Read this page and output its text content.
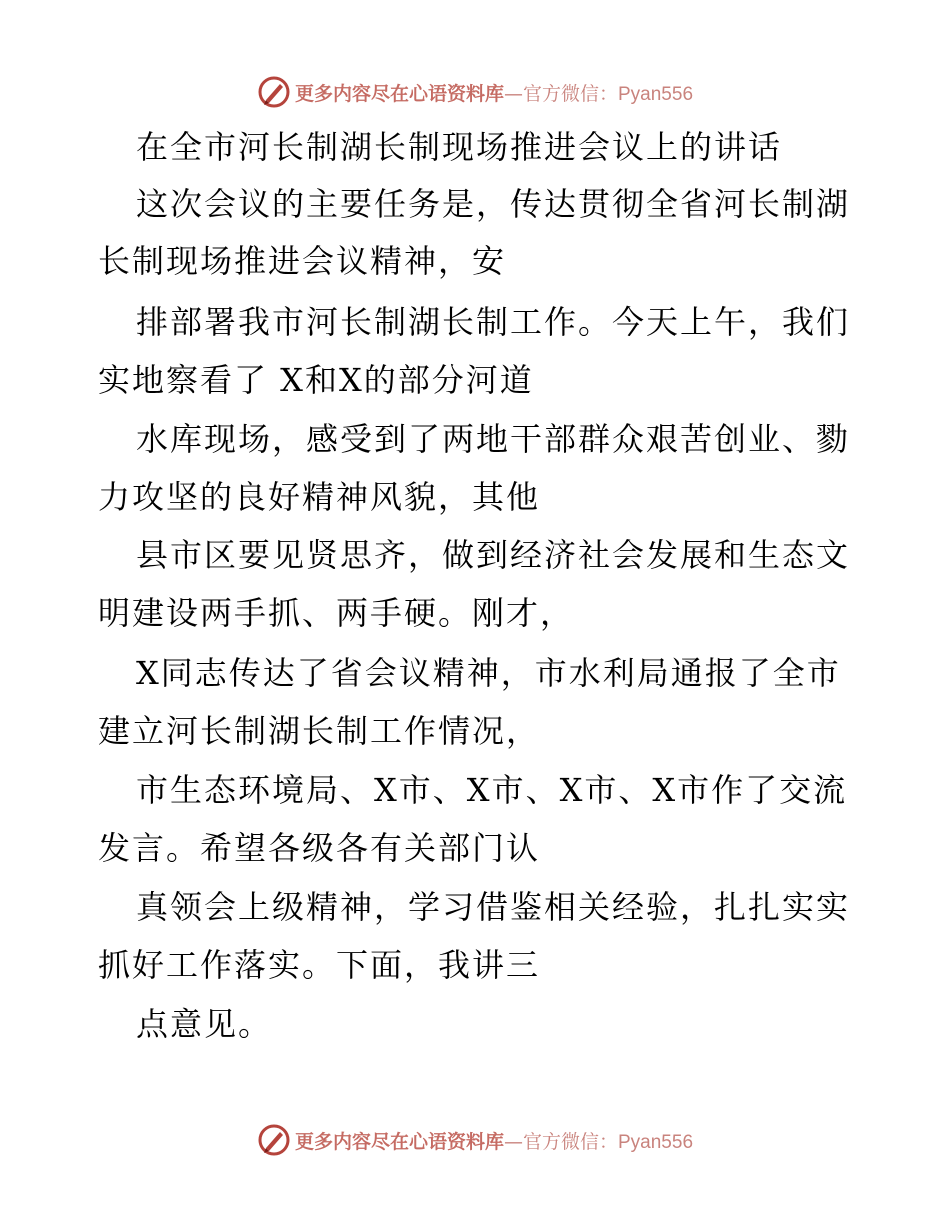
更多内容尽在心语资料库—官方微信：Pyan556
在全市河长制湖长制现场推进会议上的讲话
这次会议的主要任务是，传达贯彻全省河长制湖
长制现场推进会议精神，安
排部署我市河长制湖长制工作。今天上午，我们
实地察看了 X和X的部分河道
水库现场，感受到了两地干部群众艰苦创业、勠
力攻坚的良好精神风貌，其他
县市区要见贤思齐，做到经济社会发展和生态文
明建设两手抓、两手硬。刚才，
X同志传达了省会议精神，市水利局通报了全市
建立河长制湖长制工作情况，
市生态环境局、X市、X市、X市、X市作了交流
发言。希望各级各有关部门认
真领会上级精神，学习借鉴相关经验，扎扎实实
抓好工作落实。下面，我讲三
点意见。
更多内容尽在心语资料库—官方微信：Pyan556
